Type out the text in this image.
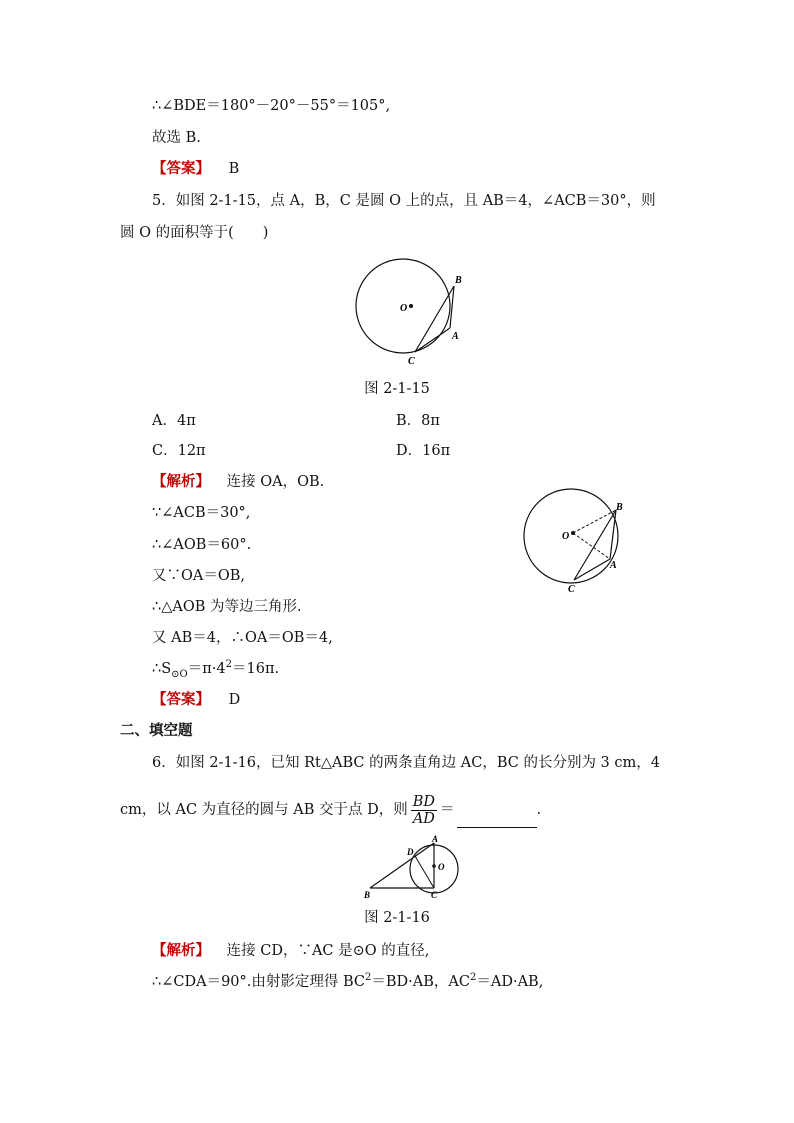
∴∠BDE＝180°－20°－55°＝105°,
故选 B.
【答案】 B
5．如图 2-1-15，点 A，B，C 是圆 O 上的点，且 AB＝4，∠ACB＝30°，则
圆 O 的面积等于(　　)
O
B
A
C
图 2-1-15
A．4π	B．8π
C．12π	D．16π
【解析】 连接 OA，OB.
∵∠ACB＝30°,
∴∠AOB＝60°.
又∵OA＝OB,
∴△AOB 为等边三角形.
又 AB＝4，∴OA＝OB＝4,
$\therefore S_{⊙O}=\pi\cdot 4^2=16\pi$.
O
B
A
C
【答案】 D
二、填空题
6．如图 2-1-16，已知 Rt△ABC 的两条直角边 AC，BC 的长分别为 3 cm，4
cm，以 AC 为直径的圆与 AB 交于点 D，则 $\frac{BD}{AD}$ ＝	.
A
D
O
B	C
图 2-1-16
【解析】 连接 CD，∵AC 是⊙O 的直径,
∴∠CDA＝90°.由射影定理得 $BC^2=BD\cdot AB$，$AC^2=AD\cdot AB$,
